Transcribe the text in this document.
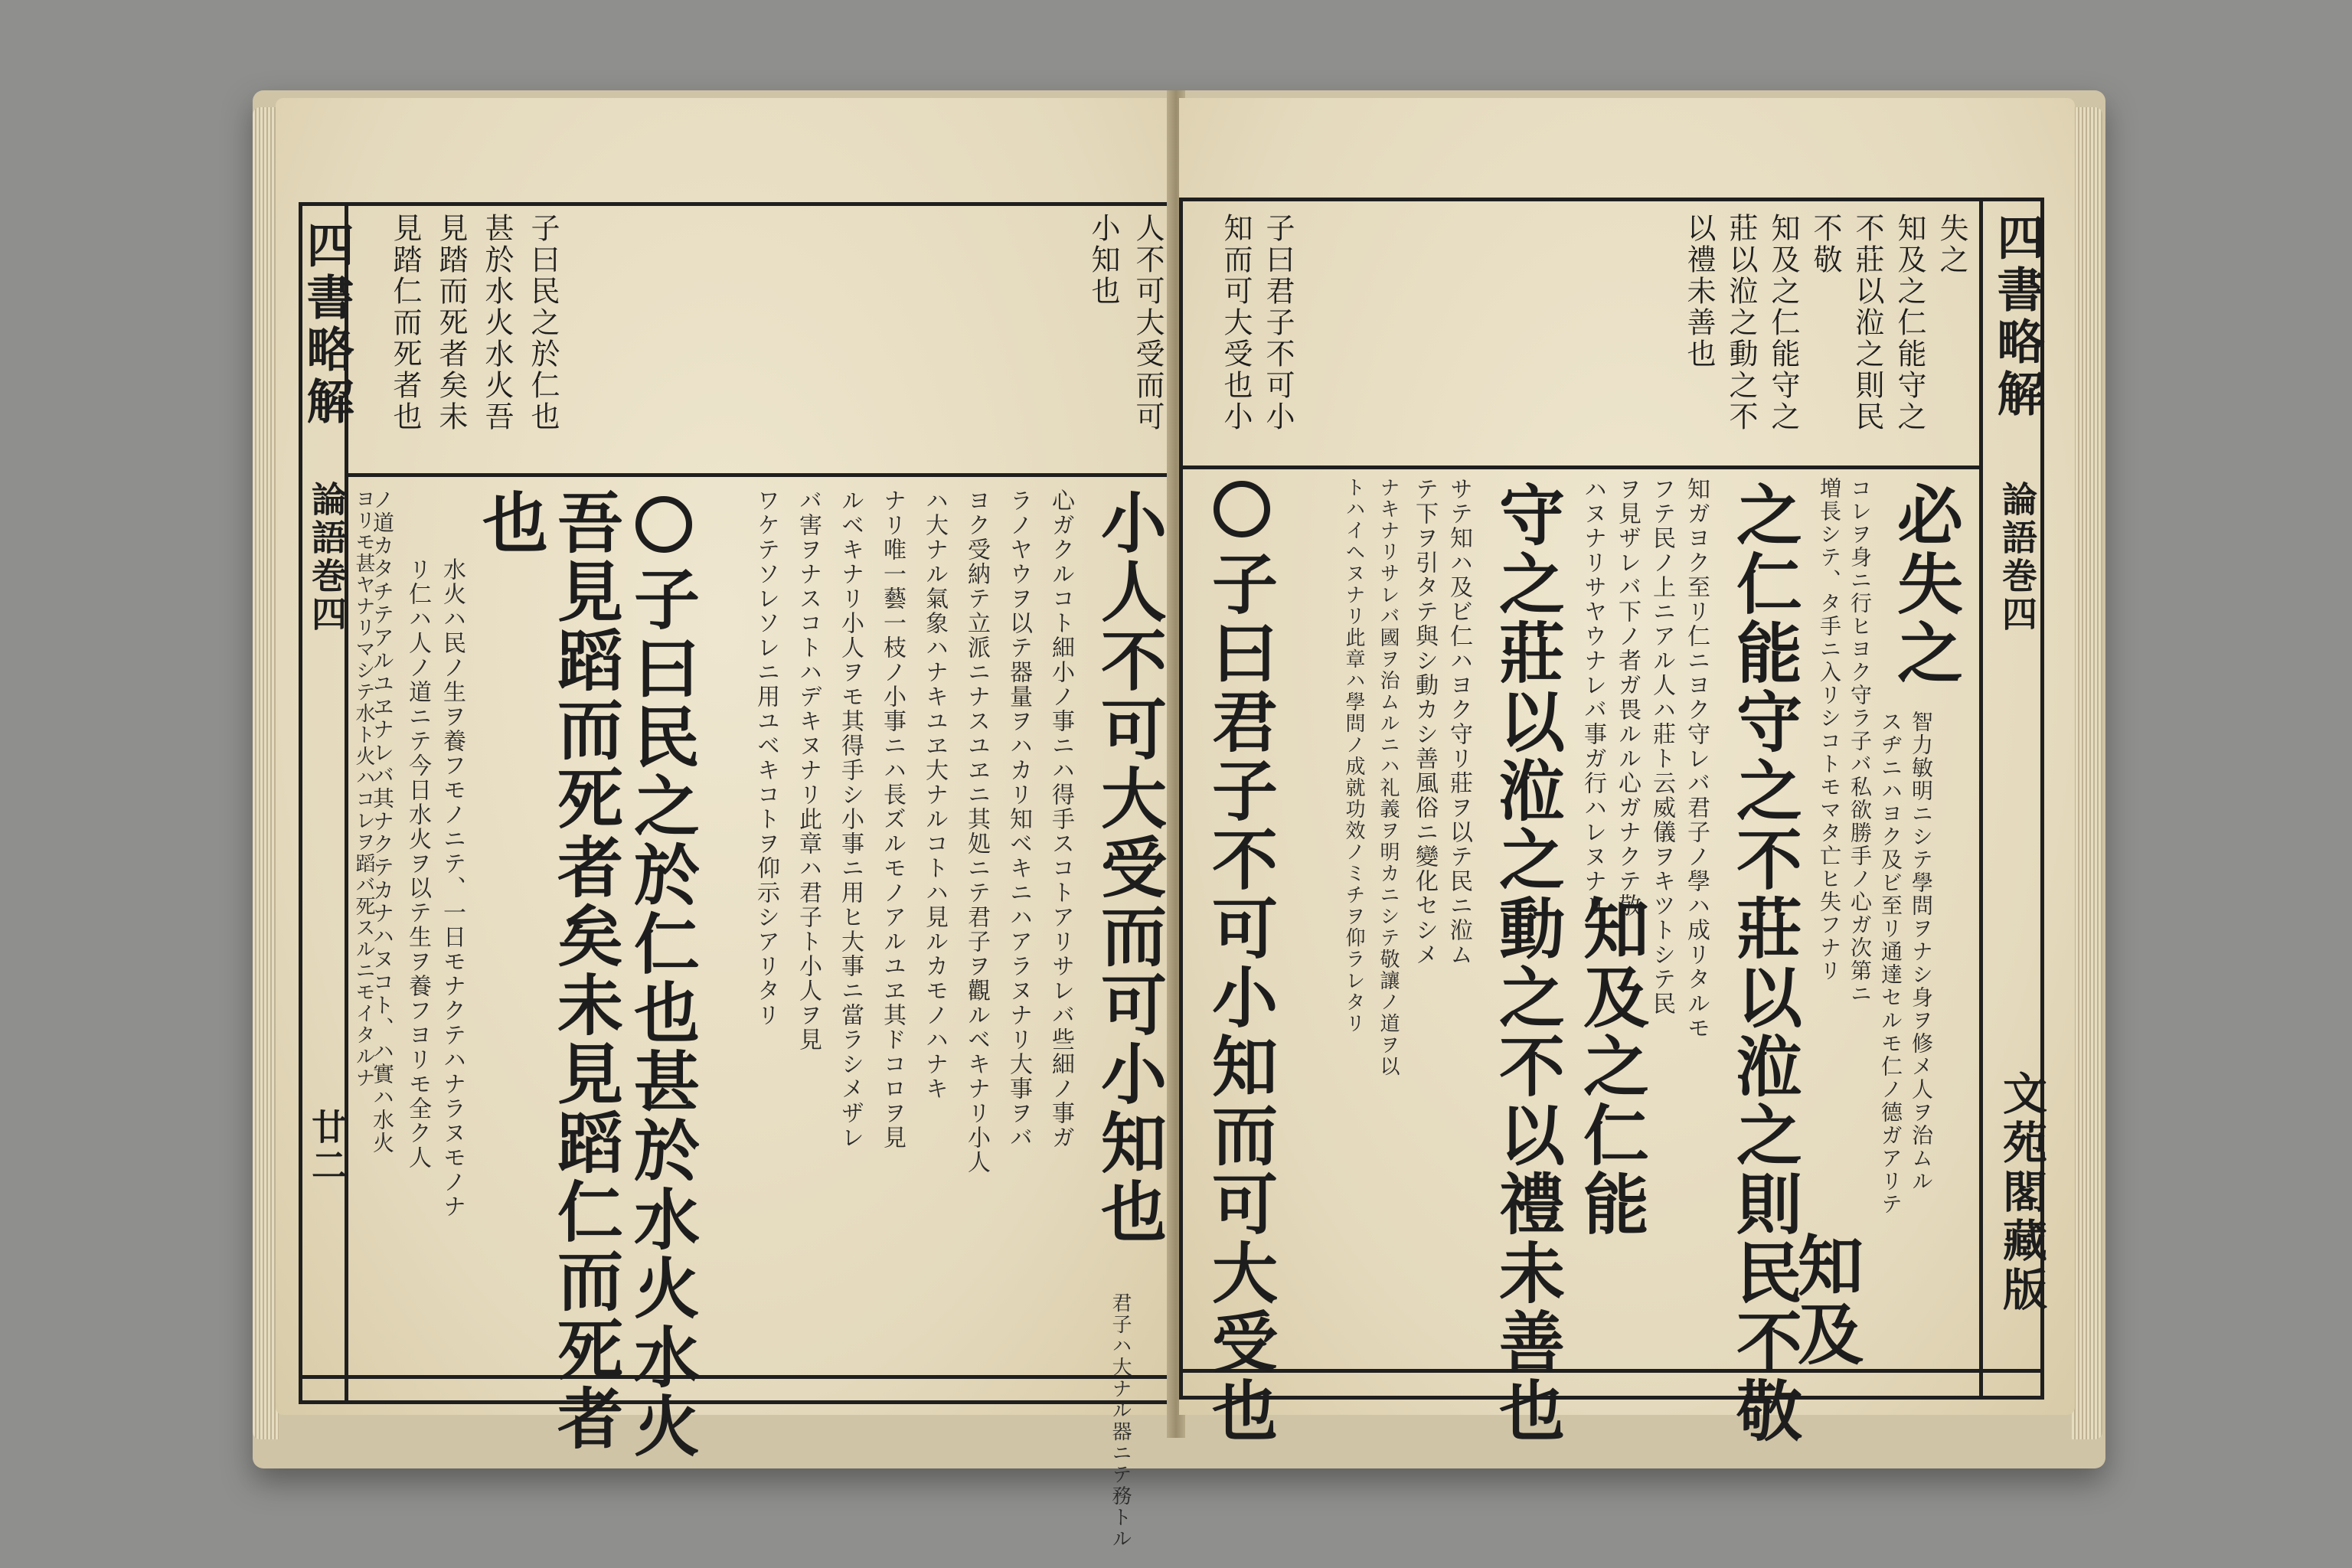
四書略解
論語巻四
廿二
人不可大受而可
小知也
子曰民之於仁也
甚於水火水火吾
見踏而死者矣未
見踏仁而死者也
小人不可大受而可小知也
君子ハ大ナル器ニテ務トル
心ガクルコト細小ノ事ニハ得手スコトアリサレバ些細ノ事ガ
ラノヤウヲ以テ器量ヲハカリ知ベキニハアラヌナリ大事ヲバ
ヨク受納テ立派ニナスユヱニ其処ニテ君子ヲ觀ルベキナリ小人
ハ大ナル氣象ハナキユヱ大ナルコトハ見ルカモノハナキ
ナリ唯一藝一枝ノ小事ニハ長ズルモノアルユヱ其ドコロヲ見
ルベキナリ小人ヲモ其得手シ小事ニ用ヒ大事ニ當ラシメザレ
バ害ヲナスコトハデキヌナリ此章ハ君子ト小人ヲ見
ワケテソレソレニ用ユベキコトヲ仰示シアリタリ
子曰民之於仁也甚於水火水火
吾見蹈而死者矣未見蹈仁而死者
也
水火ハ民ノ生ヲ養フモノニテ、一日モナクテハナラヌモノナ
リ仁ハ人ノ道ニテ今日水火ヲ以テ生ヲ養フヨリモ全ク人
ノ道カタチテアルユヱナレバ其ナクテカナハヌコト、ハ實ハ水火
ヨリモ甚ヤナリマシテ水ト火ハコレヲ蹈バ死スルニモイタルナ
四書略解
論語巻四
文苑閣藏版
失之
知及之仁能守之
不莊以涖之則民
不敬
知及之仁能守之
莊以涖之動之不
以禮未善也
子曰君子不可小
知而可大受也小
必失之
智力敏明ニシテ學問ヲナシ身ヲ修メ人ヲ治ムル
スヂニハヨク及ビ至リ通達セルモ仁ノ德ガアリテ
コレヲ身ニ行ヒヨク守ラ子バ私欲勝手ノ心ガ次第ニ
増長シテ、タ手ニ入リシコトモマタ亡ヒ失フナリ
之仁能守之不莊以涖之則民不敬
知及
知ガヨク至リ仁ニヨク守レバ君子ノ學ハ成リタルモ
フテ民ノ上ニアル人ハ莊ト云威儀ヲキツトシテ民
ヲ見ザレバ下ノ者ガ畏ルル心ガナクテ敬
ハヌナリサヤウナレバ事ガ行ハレヌナリ
守之莊以涖之動之不以禮未善也 知及之仁能
サテ知ハ及ビ仁ハヨク守リ莊ヲ以テ民ニ涖ム
テ下ヲ引タテ與シ動カシ善風俗ニ變化セシメ
ナキナリサレバ國ヲ治ムルニハ礼義ヲ明カニシテ敬讓ノ道ヲ以
トハイヘヌナリ此章ハ學問ノ成就功效ノミチヲ仰ラレタリ
子曰君子不可小知而可大受也
